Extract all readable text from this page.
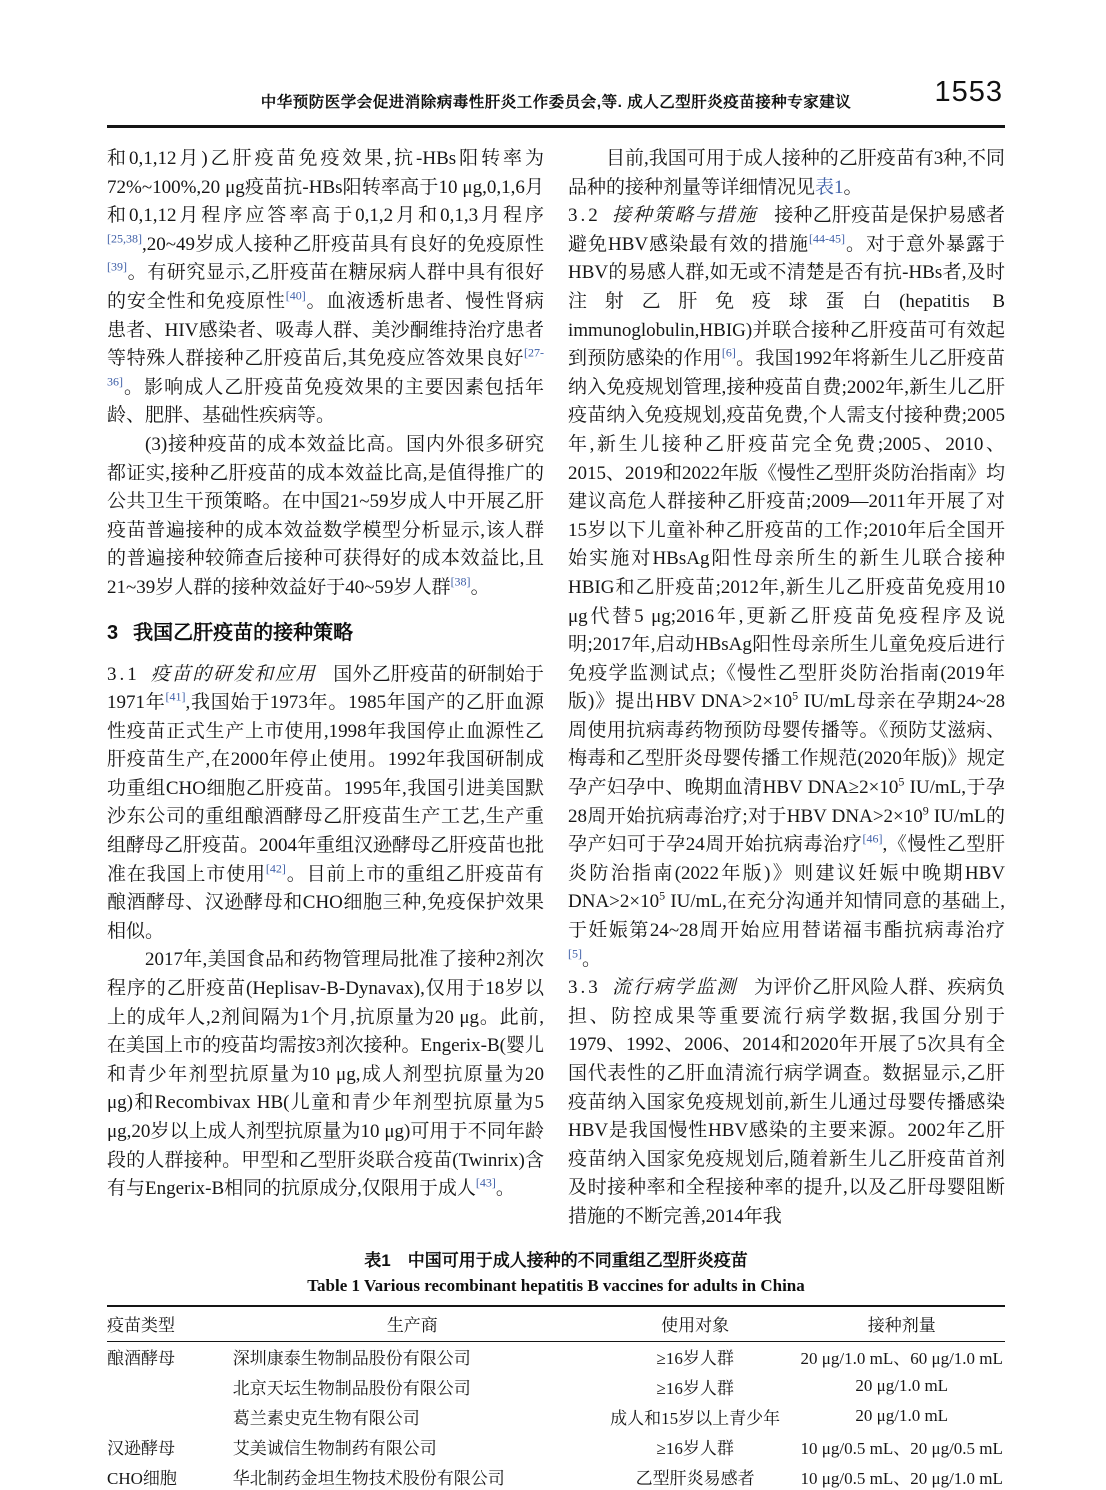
中华预防医学会促进消除病毒性肝炎工作委员会,等. 成人乙型肝炎疫苗接种专家建议	1553

和0,1,12月)乙肝疫苗免疫效果,抗-HBs阳转率为72%~100%,20 μg疫苗抗-HBs阳转率高于10 μg,0,1,6月和0,1,12月程序应答率高于0,1,2月和0,1,3月程序[25,38],20~49岁成人接种乙肝疫苗具有良好的免疫原性[39]。有研究显示,乙肝疫苗在糖尿病人群中具有很好的安全性和免疫原性[40]。血液透析患者、慢性肾病患者、HIV感染者、吸毒人群、美沙酮维持治疗患者等特殊人群接种乙肝疫苗后,其免疫应答效果良好[27-36]。影响成人乙肝疫苗免疫效果的主要因素包括年龄、肥胖、基础性疾病等。

(3)接种疫苗的成本效益比高。国内外很多研究都证实,接种乙肝疫苗的成本效益比高,是值得推广的公共卫生干预策略。在中国21~59岁成人中开展乙肝疫苗普遍接种的成本效益数学模型分析显示,该人群的普遍接种较筛查后接种可获得好的成本效益比,且21~39岁人群的接种效益好于40~59岁人群[38]。

3 我国乙肝疫苗的接种策略

3.1 疫苗的研发和应用 国外乙肝疫苗的研制始于1971年[41],我国始于1973年。1985年国产的乙肝血源性疫苗正式生产上市使用,1998年我国停止血源性乙肝疫苗生产,在2000年停止使用。1992年我国研制成功重组CHO细胞乙肝疫苗。1995年,我国引进美国默沙东公司的重组酿酒酵母乙肝疫苗生产工艺,生产重组酵母乙肝疫苗。2004年重组汉逊酵母乙肝疫苗也批准在我国上市使用[42]。目前上市的重组乙肝疫苗有酿酒酵母、汉逊酵母和CHO细胞三种,免疫保护效果相似。

2017年,美国食品和药物管理局批准了接种2剂次程序的乙肝疫苗(Heplisav-B-Dynavax),仅用于18岁以上的成年人,2剂间隔为1个月,抗原量为20 μg。此前,在美国上市的疫苗均需按3剂次接种。Engerix-B(婴儿和青少年剂型抗原量为10 μg,成人剂型抗原量为20 μg)和Recombivax HB(儿童和青少年剂型抗原量为5 μg,20岁以上成人剂型抗原量为10 μg)可用于不同年龄段的人群接种。甲型和乙型肝炎联合疫苗(Twinrix)含有与Engerix-B相同的抗原成分,仅限用于成人[43]。

目前,我国可用于成人接种的乙肝疫苗有3种,不同品种的接种剂量等详细情况见表1。

3.2 接种策略与措施 接种乙肝疫苗是保护易感者避免HBV感染最有效的措施[44-45]。对于意外暴露于HBV的易感人群,如无或不清楚是否有抗-HBs者,及时注射乙肝免疫球蛋白(hepatitis B immunoglobulin,HBIG)并联合接种乙肝疫苗可有效起到预防感染的作用[6]。我国1992年将新生儿乙肝疫苗纳入免疫规划管理,接种疫苗自费;2002年,新生儿乙肝疫苗纳入免疫规划,疫苗免费,个人需支付接种费;2005年,新生儿接种乙肝疫苗完全免费;2005、2010、2015、2019和2022年版《慢性乙型肝炎防治指南》均建议高危人群接种乙肝疫苗;2009—2011年开展了对15岁以下儿童补种乙肝疫苗的工作;2010年后全国开始实施对HBsAg阳性母亲所生的新生儿联合接种HBIG和乙肝疫苗;2012年,新生儿乙肝疫苗免疫用10 μg代替5 μg;2016年,更新乙肝疫苗免疫程序及说明;2017年,启动HBsAg阳性母亲所生儿童免疫后进行免疫学监测试点;《慢性乙型肝炎防治指南(2019年版)》提出HBV $DNA>2\times 10^5$ IU/mL母亲在孕期24~28周使用抗病毒药物预防母婴传播等。《预防艾滋病、梅毒和乙型肝炎母婴传播工作规范(2020年版)》规定孕产妇孕中、晚期血清HBV $DNA\ge 2\times 10^5$ IU/mL,于孕28周开始抗病毒治疗;对于HBV $DNA>2\times 10^9$ IU/mL的孕产妇可于孕24周开始抗病毒治疗[46],《慢性乙型肝炎防治指南(2022年版)》则建议妊娠中晚期HBV $DNA>2\times 10^5$ IU/mL,在充分沟通并知情同意的基础上,于妊娠第24~28周开始应用替诺福韦酯抗病毒治疗[5]。

3.3 流行病学监测 为评价乙肝风险人群、疾病负担、防控成果等重要流行病学数据,我国分别于1979、1992、2006、2014和2020年开展了5次具有全国代表性的乙肝血清流行病学调查。数据显示,乙肝疫苗纳入国家免疫规划前,新生儿通过母婴传播感染HBV是我国慢性HBV感染的主要来源。2002年乙肝疫苗纳入国家免疫规划后,随着新生儿乙肝疫苗首剂及时接种率和全程接种率的提升,以及乙肝母婴阻断措施的不断完善,2014年我

表1　中国可用于成人接种的不同重组乙型肝炎疫苗
Table 1 Various recombinant hepatitis B vaccines for adults in China
疫苗类型	生产商	使用对象	接种剂量
酿酒酵母	深圳康泰生物制品股份有限公司	≥16岁人群	20 μg/1.0 mL、60 μg/1.0 mL
	北京天坛生物制品股份有限公司	≥16岁人群	20 μg/1.0 mL
	葛兰素史克生物有限公司	成人和15岁以上青少年	20 μg/1.0 mL
汉逊酵母	艾美诚信生物制药有限公司	≥16岁人群	10 μg/0.5 mL、20 μg/0.5 mL
CHO细胞	华北制药金坦生物技术股份有限公司	乙型肝炎易感者	10 μg/0.5 mL、20 μg/1.0 mL
